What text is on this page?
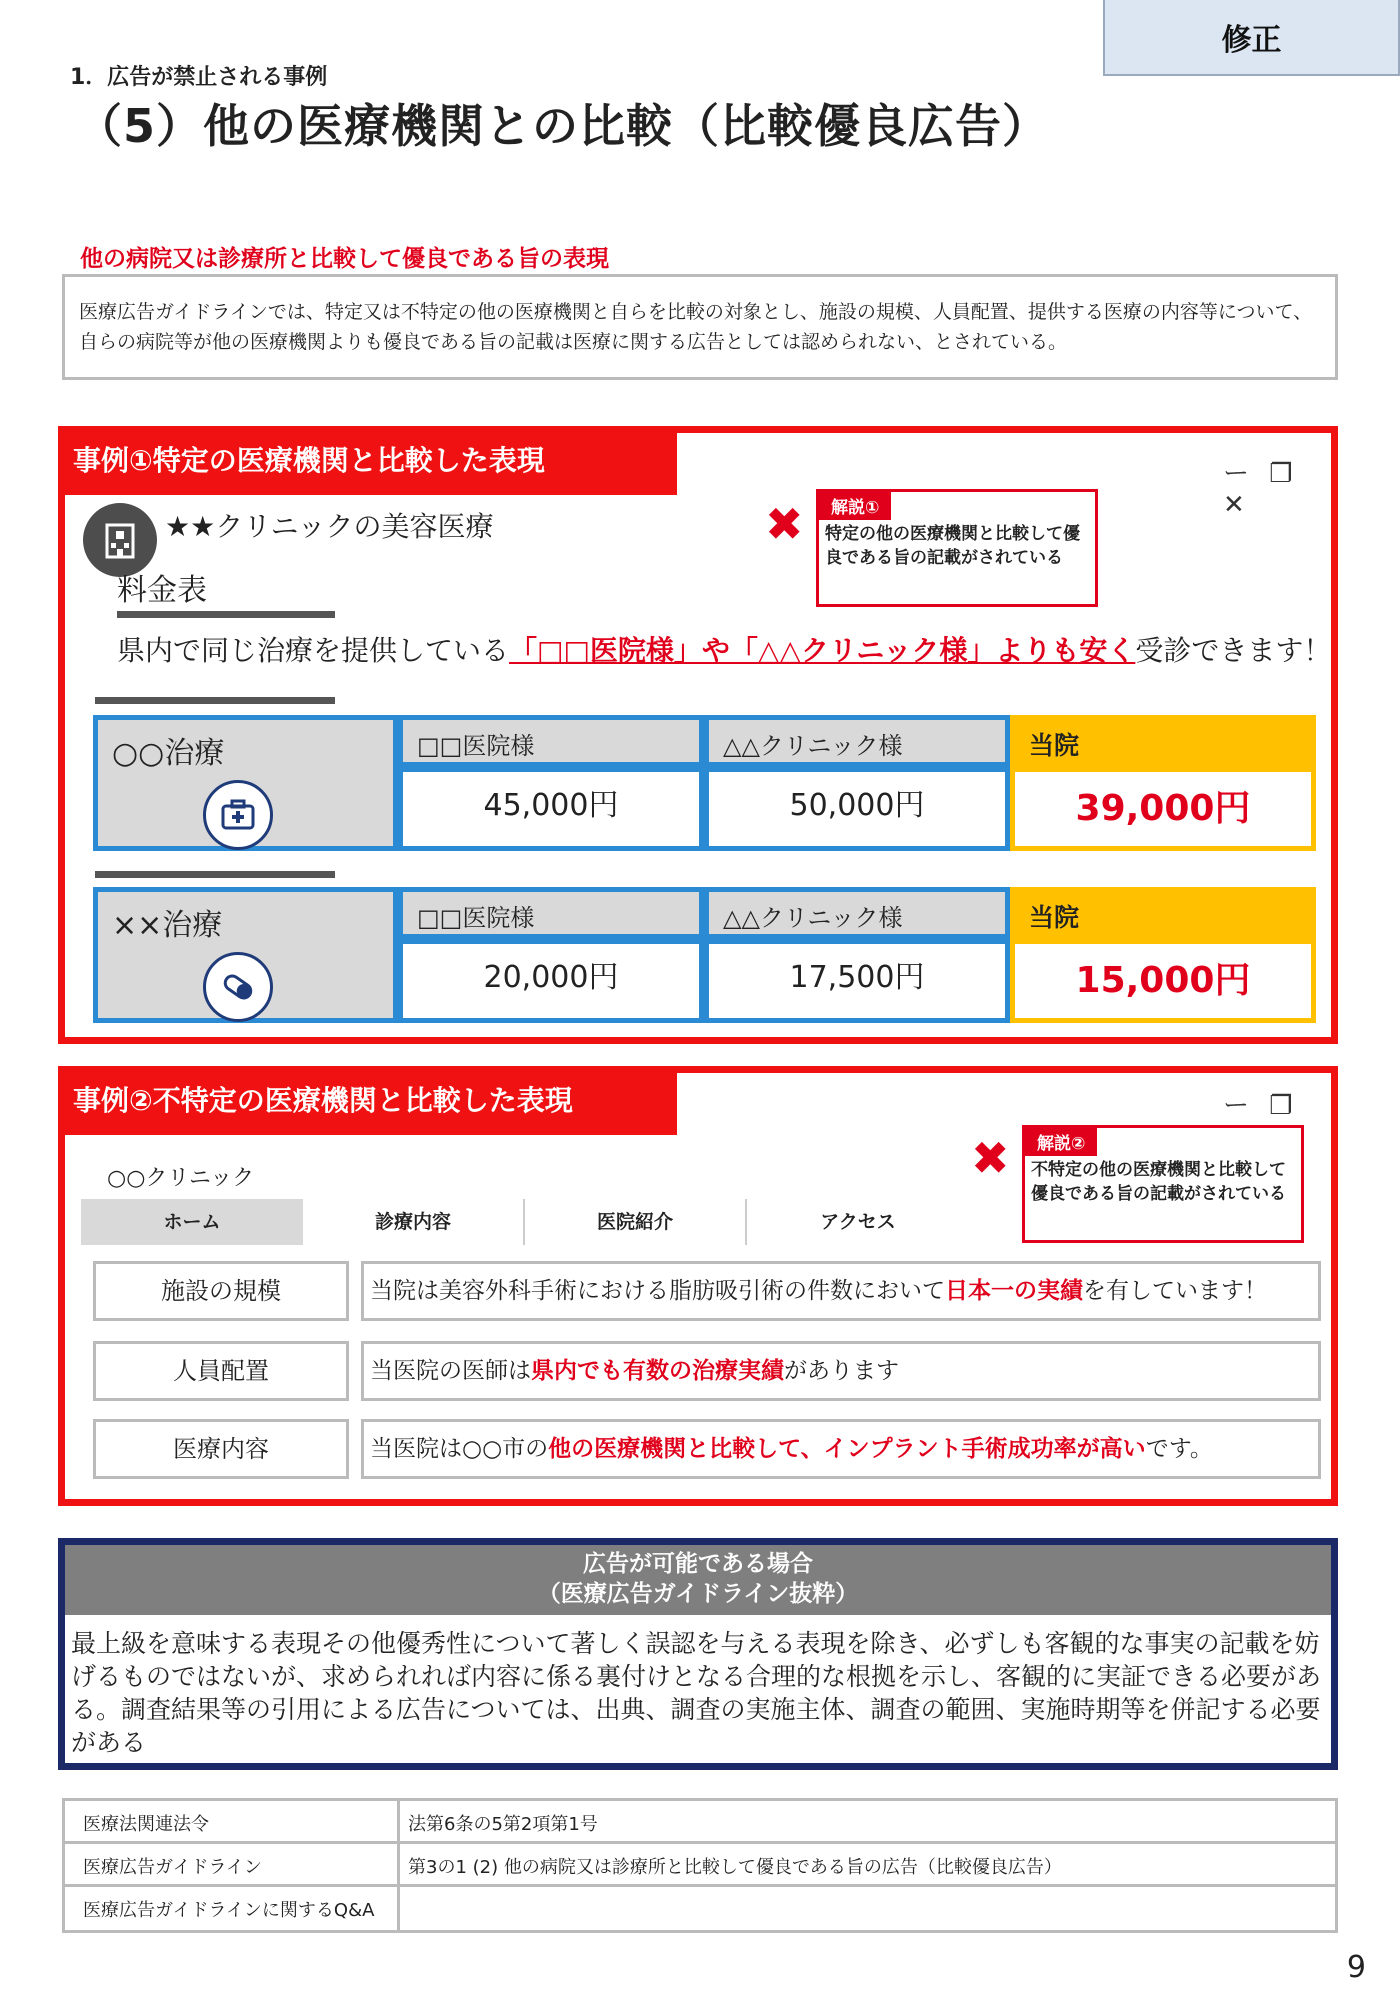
修正
1．広告が禁止される事例
（5）他の医療機関との比較（比較優良広告）
他の病院又は診療所と比較して優良である旨の表現
医療広告ガイドラインでは、特定又は不特定の他の医療機関と自らを比較の対象とし、施設の規模、人員配置、提供する医療の内容等について、自らの病院等が他の医療機関よりも優良である旨の記載は医療に関する広告としては認められない、とされている。
事例①特定の医療機関と比較した表現	ー ❐ ✕
★★クリニックの美容医療
料金表
県内で同じ治療を提供している「□□医院様」や「△△クリニック様」よりも安く受診できます！
✖	特定の他の医療機関と比較して優良である旨の記載がされている
解説①
○○治療	□□医院様	△△クリニック様	当院
45,000円	50,000円	39,000円
××治療	□□医院様	△△クリニック様	当院
20,000円	17,500円	15,000円
事例②不特定の医療機関と比較した表現	ー ❐
○○クリニック
ホーム	診療内容	医院紹介	アクセス
✖	不特定の他の医療機関と比較して優良である旨の記載がされている
解説②
施設の規模	当院は美容外科手術における脂肪吸引術の件数において日本一の実績を有しています！
人員配置	当医院の医師は県内でも有数の治療実績があります
医療内容	当医院は○○市の他の医療機関と比較して、インプラント手術成功率が高いです。
広告が可能である場合
（医療広告ガイドライン抜粋）
最上級を意味する表現その他優秀性について著しく誤認を与える表現を除き、必ずしも客観的な事実の記載を妨げるものではないが、求められれば内容に係る裏付けとなる合理的な根拠を示し、客観的に実証できる必要がある。調査結果等の引用による広告については、出典、調査の実施主体、調査の範囲、実施時期等を併記する必要がある
医療法関連法令	法第6条の5第2項第1号
医療広告ガイドライン	第3の1 (2) 他の病院又は診療所と比較して優良である旨の広告（比較優良広告）
医療広告ガイドラインに関するQ&A
9
